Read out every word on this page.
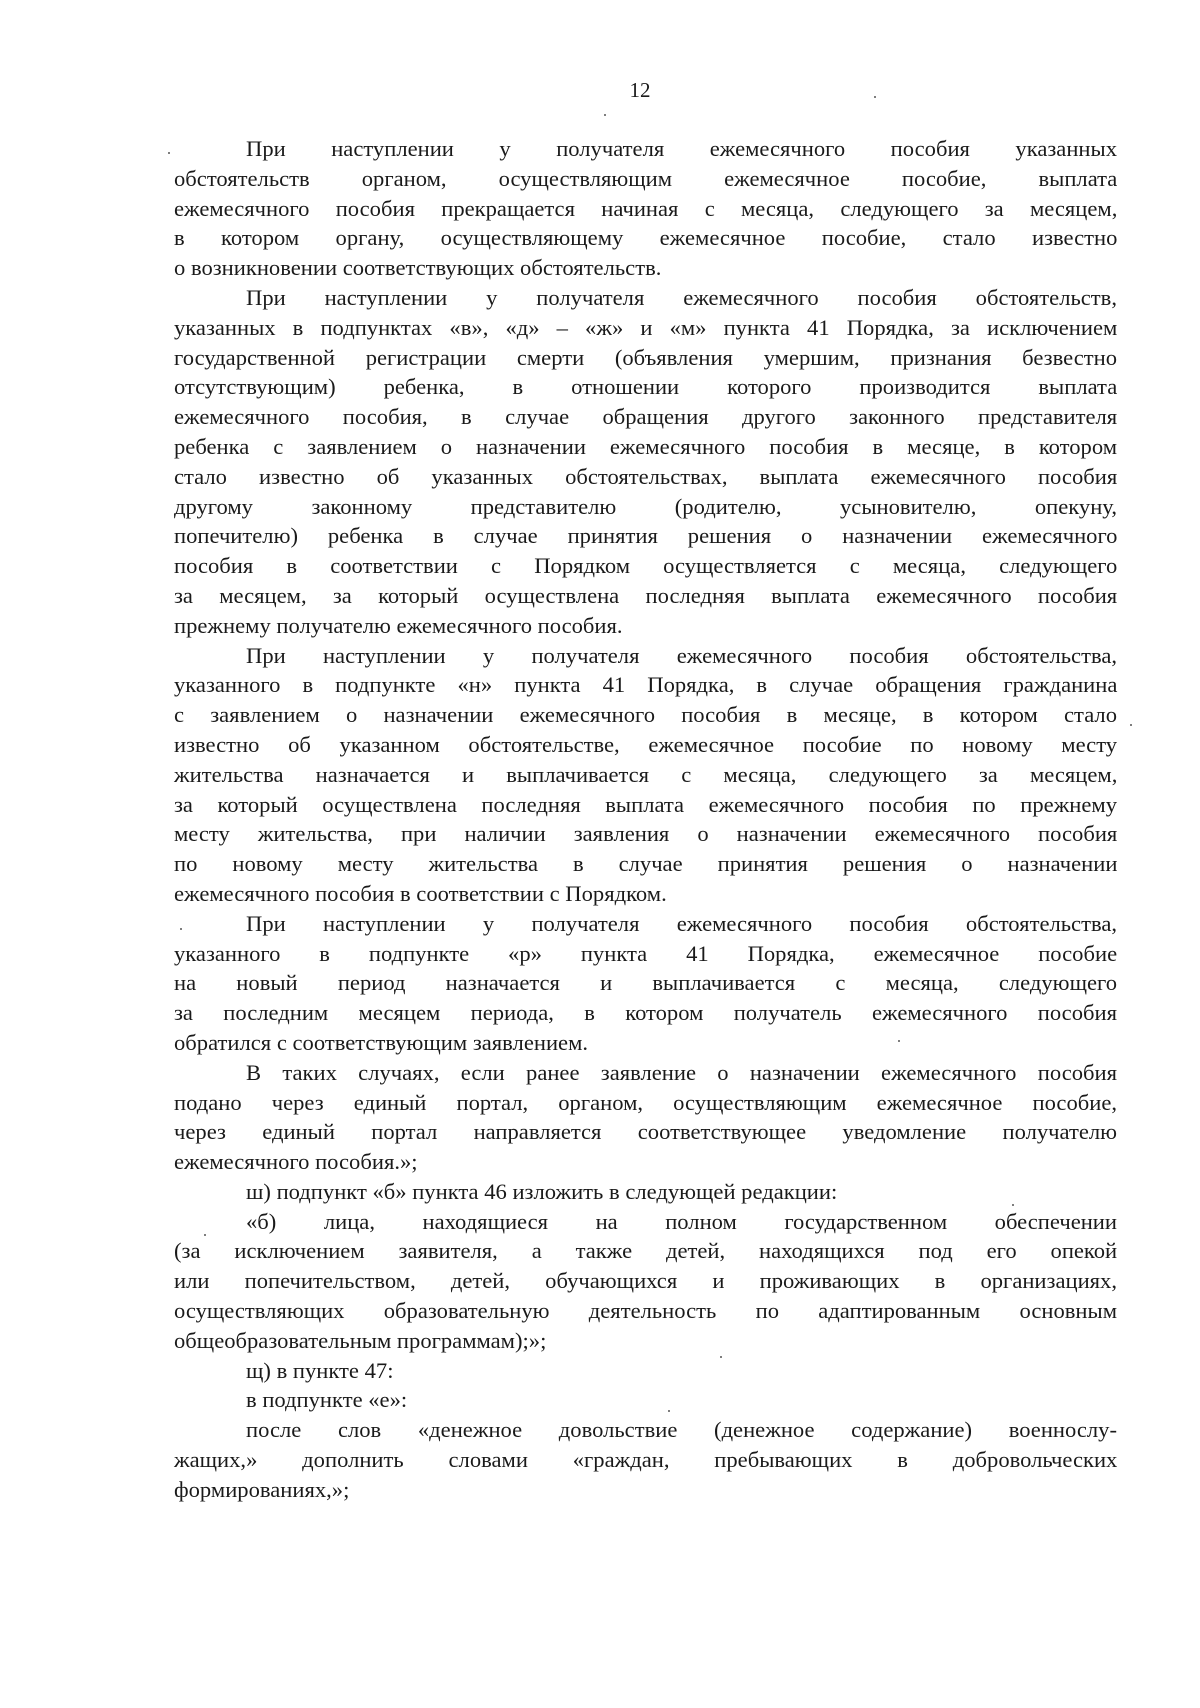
12
При наступлении у получателя ежемесячного пособия указанных
обстоятельств органом, осуществляющим ежемесячное пособие, выплата
ежемесячного пособия прекращается начиная с месяца, следующего за месяцем,
в котором органу, осуществляющему ежемесячное пособие, стало известно
о возникновении соответствующих обстоятельств.
При наступлении у получателя ежемесячного пособия обстоятельств,
указанных в подпунктах «в», «д» – «ж» и «м» пункта 41 Порядка, за исключением
государственной регистрации смерти (объявления умершим, признания безвестно
отсутствующим) ребенка, в отношении которого производится выплата
ежемесячного пособия, в случае обращения другого законного представителя
ребенка с заявлением о назначении ежемесячного пособия в месяце, в котором
стало известно об указанных обстоятельствах, выплата ежемесячного пособия
другому законному представителю (родителю, усыновителю, опекуну,
попечителю) ребенка в случае принятия решения о назначении ежемесячного
пособия в соответствии с Порядком осуществляется с месяца, следующего
за месяцем, за который осуществлена последняя выплата ежемесячного пособия
прежнему получателю ежемесячного пособия.
При наступлении у получателя ежемесячного пособия обстоятельства,
указанного в подпункте «н» пункта 41 Порядка, в случае обращения гражданина
с заявлением о назначении ежемесячного пособия в месяце, в котором стало
известно об указанном обстоятельстве, ежемесячное пособие по новому месту
жительства назначается и выплачивается с месяца, следующего за месяцем,
за который осуществлена последняя выплата ежемесячного пособия по прежнему
месту жительства, при наличии заявления о назначении ежемесячного пособия
по новому месту жительства в случае принятия решения о назначении
ежемесячного пособия в соответствии с Порядком.
При наступлении у получателя ежемесячного пособия обстоятельства,
указанного в подпункте «р» пункта 41 Порядка, ежемесячное пособие
на новый период назначается и выплачивается с месяца, следующего
за последним месяцем периода, в котором получатель ежемесячного пособия
обратился с соответствующим заявлением.
В таких случаях, если ранее заявление о назначении ежемесячного пособия
подано через единый портал, органом, осуществляющим ежемесячное пособие,
через единый портал направляется соответствующее уведомление получателю
ежемесячного пособия.»;
ш) подпункт «б» пункта 46 изложить в следующей редакции:
«б) лица, находящиеся на полном государственном обеспечении
(за исключением заявителя, а также детей, находящихся под его опекой
или попечительством, детей, обучающихся и проживающих в организациях,
осуществляющих образовательную деятельность по адаптированным основным
общеобразовательным программам);»;
щ) в пункте 47:
в подпункте «е»:
после слов «денежное довольствие (денежное содержание) военнослу-
жащих,» дополнить словами «граждан, пребывающих в добровольческих
формированиях,»;
